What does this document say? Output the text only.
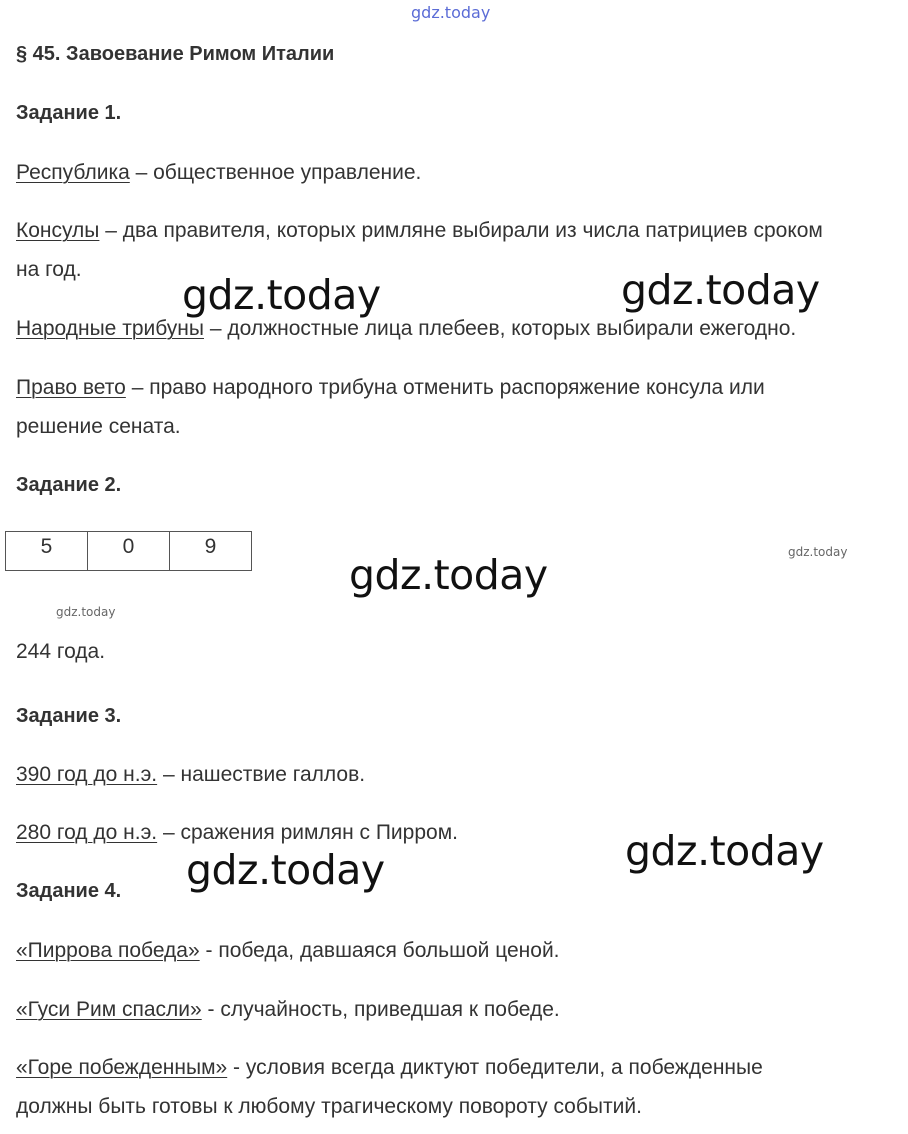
gdz.today
§ 45. Завоевание Римом Италии
Задание 1.
Республика – общественное управление.
Консулы – два правителя, которых римляне выбирали из числа патрициев сроком
на год.
Народные трибуны – должностные лица плебеев, которых выбирали ежегодно.
Право вето – право народного трибуна отменить распоряжение консула или
решение сената.
Задание 2.
5	0	9
244 года.
Задание 3.
390 год до н.э. – нашествие галлов.
280 год до н.э. – сражения римлян с Пирром.
Задание 4.
«Пиррова победа» - победа, давшаяся большой ценой.
«Гуси Рим спасли» - случайность, приведшая к победе.
«Горе побежденным» - условия всегда диктуют победители, а побежденные
должны быть готовы к любому трагическому повороту событий.
gdz.today	gdz.today
gdz.today
gdz.today	gdz.today
gdz.today
gdz.today
